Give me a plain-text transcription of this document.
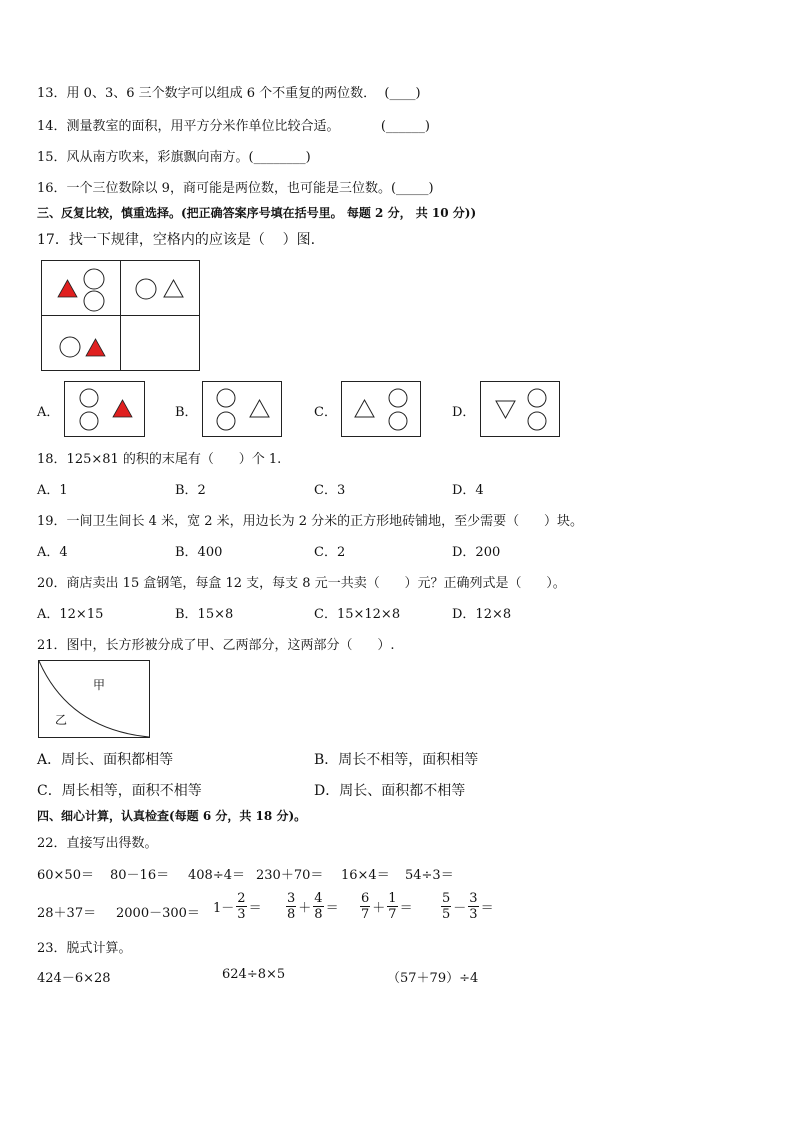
13．用 0、3、6 三个数字可以组成 6 个不重复的两位数．  (____)
14．测量教室的面积，用平方分米作单位比较合适。          (______)
15．风从南方吹来，彩旗飘向南方。(________)
16．一个三位数除以 9，商可能是两位数，也可能是三位数。(_____)
三、反复比较，慎重选择。(把正确答案序号填在括号里。 每题 2 分， 共 10 分))
17．找一下规律，空格内的应该是（    ）图.
A．	B．	C．	D．
18．125×81 的积的末尾有（      ）个 1.
A．1	B．2	C．3	D．4
19．一间卫生间长 4 米，宽 2 米，用边长为 2 分米的正方形地砖铺地，至少需要（      ）块。
A．4	B．400	C．2	D．200
20．商店卖出 15 盒钢笔，每盒 12 支，每支 8 元一共卖（      ）元？正确列式是（      ）。
A．12×15	B．15×8	C．15×12×8	D．12×8
21．图中，长方形被分成了甲、乙两部分，这两部分（      ）.
甲
乙
A．周长、面积都相等	B．周长不相等，面积相等
C．周长相等，面积不相等	D．周长、面积都不相等
四、细心计算，认真检查(每题 6 分，共 18 分)。
22．直接写出得数。
60×50＝ 80－16＝ 408÷4＝ 230＋70＝ 16×4＝ 54÷3＝
$28+37= 2000-300= 1- \frac{2}{3} = \frac{3}{8} + \frac{4}{8} = \frac{6}{7} + \frac{1}{7} = \frac{5}{5} - \frac{3}{3}$ ＝
23．脱式计算。
424－6×28	624÷8×5	（57＋79）÷4
